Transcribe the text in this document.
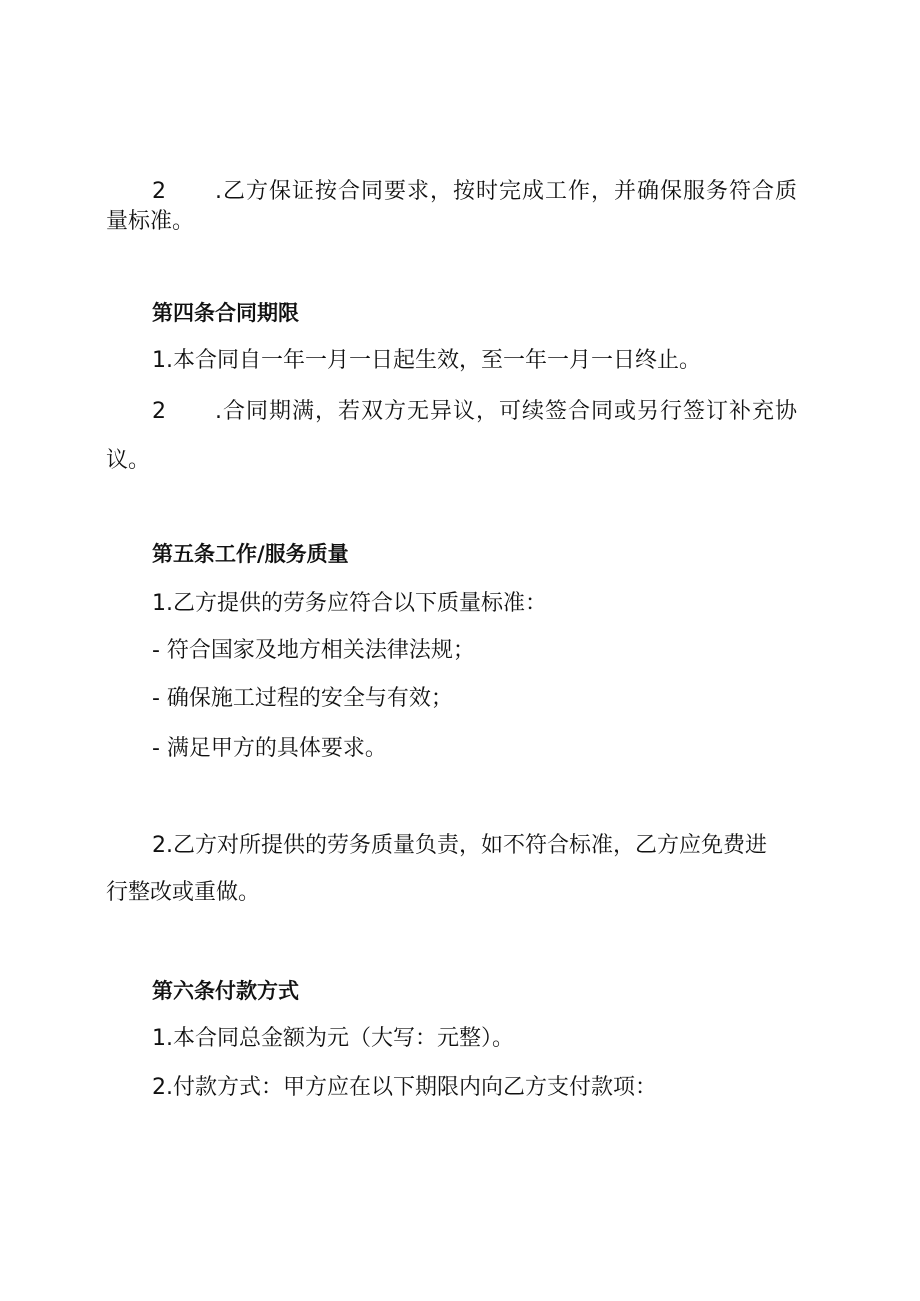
2      .乙方保证按合同要求，按时完成工作，并确保服务符合质
量标准。
第四条合同期限
1.本合同自一年一月一日起生效，至一年一月一日终止。
2      .合同期满，若双方无异议，可续签合同或另行签订补充协
议。
第五条工作/服务质量
1.乙方提供的劳务应符合以下质量标准：
- 符合国家及地方相关法律法规；
- 确保施工过程的安全与有效；
- 满足甲方的具体要求。
2.乙方对所提供的劳务质量负责，如不符合标准，乙方应免费进
行整改或重做。
第六条付款方式
1.本合同总金额为元（大写：元整）。
2.付款方式：甲方应在以下期限内向乙方支付款项：
